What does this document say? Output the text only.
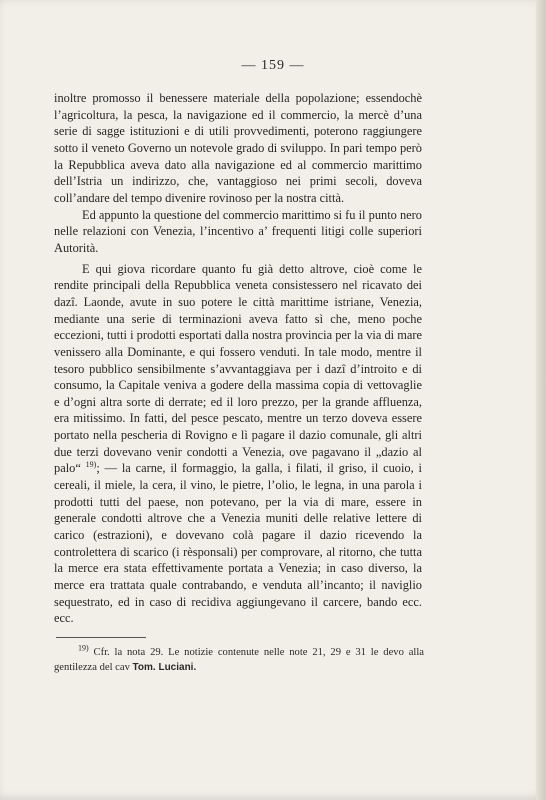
— 159 —

inoltre promosso il benessere materiale della popolazione; essendochè l’agricoltura, la pesca, la navigazione ed il commercio, la mercè d’una serie di sagge istituzioni e di utili provvedimenti, poterono raggiungere sotto il veneto Governo un notevole grado di sviluppo. In pari tempo però la Repubblica aveva dato alla navigazione ed al commercio marittimo dell’Istria un indirizzo, che, vantaggioso nei primi secoli, doveva coll’andare del tempo divenire rovinoso per la nostra città.

Ed appunto la questione del commercio marittimo si fu il punto nero nelle relazioni con Venezia, l’incentivo a’ frequenti litigi colle superiori Autorità.

E qui giova ricordare quanto fu già detto altrove, cioè come le rendite principali della Repubblica veneta consistessero nel ricavato dei dazî. Laonde, avute in suo potere le città marittime istriane, Venezia, mediante una serie di terminazioni aveva fatto sì che, meno poche eccezioni, tutti i prodotti esportati dalla nostra provincia per la via di mare venissero alla Dominante, e qui fossero venduti. In tale modo, mentre il tesoro pubblico sensibilmente s’avvantaggiava per i dazî d’introito e di consumo, la Capitale veniva a godere della massima copia di vettovaglie e d’ogni altra sorte di derrate; ed il loro prezzo, per la grande affluenza, era mitissimo. In fatti, del pesce pescato, mentre un terzo doveva essere portato nella pescheria di Rovigno e lì pagare il dazio comunale, gli altri due terzi dovevano venir condotti a Venezia, ove pagavano il „dazio al palo“ $^{19)}$; — la carne, il formaggio, la galla, i filati, il griso, il cuoio, i cereali, il miele, la cera, il vino, le pietre, l’olio, le legna, in una parola i prodotti tutti del paese, non potevano, per la via di mare, essere in generale condotti altrove che a Venezia muniti delle relative lettere di carico (estrazioni), e dovevano colà pagare il dazio ricevendo la controlettera di scarico (i rèsponsali) per comprovare, al ritorno, che tutta la merce era stata effettivamente portata a Venezia; in caso diverso, la merce era trattata quale contrabando, e venduta all’incanto; il naviglio sequestrato, ed in caso di recidiva aggiungevano il carcere, bando ecc. ecc.

$^{19)}$ Cfr. la nota 29. Le notizie contenute nelle note 21, 29 e 31 le devo alla gentilezza del cav Tom. Luciani.
